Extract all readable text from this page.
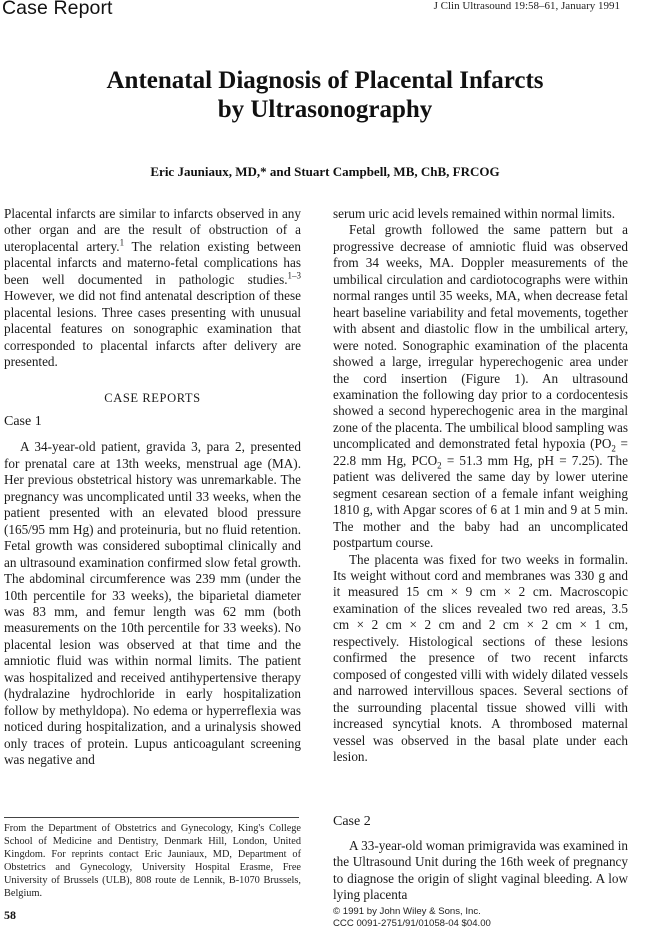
Case Report	J Clin Ultrasound 19:58–61, January 1991
Antenatal Diagnosis of Placental Infarcts
by Ultrasonography
Eric Jauniaux, MD,* and Stuart Campbell, MB, ChB, FRCOG

Placental infarcts are similar to infarcts observed in any other organ and are the result of obstruction of a uteroplacental artery.$^1$ The relation existing between placental infarcts and materno-fetal complications has been well documented in pathologic studies.$^{1-3}$ However, we did not find antenatal description of these placental lesions. Three cases presenting with unusual placental features on sonographic examination that corresponded to placental infarcts after delivery are presented.

CASE REPORTS
Case 1

A 34-year-old patient, gravida 3, para 2, presented for prenatal care at 13th weeks, menstrual age (MA). Her previous obstetrical history was unremarkable. The pregnancy was uncomplicated until 33 weeks, when the patient presented with an elevated blood pressure (165/95 mm Hg) and proteinuria, but no fluid retention. Fetal growth was considered suboptimal clinically and an ultrasound examination confirmed slow fetal growth. The abdominal circumference was 239 mm (under the 10th percentile for 33 weeks), the biparietal diameter was 83 mm, and femur length was 62 mm (both measurements on the 10th percentile for 33 weeks). No placental lesion was observed at that time and the amniotic fluid was within normal limits. The patient was hospitalized and received antihypertensive therapy (hydralazine hydrochloride in early hospitalization follow by methyldopa). No edema or hyperreflexia was noticed during hospitalization, and a urinalysis showed only traces of protein. Lupus anticoagulant screening was negative and

serum uric acid levels remained within normal limits.

Fetal growth followed the same pattern but a progressive decrease of amniotic fluid was observed from 34 weeks, MA. Doppler measurements of the umbilical circulation and cardiotocographs were within normal ranges until 35 weeks, MA, when decrease fetal heart baseline variability and fetal movements, together with absent and diastolic flow in the umbilical artery, were noted. Sonographic examination of the placenta showed a large, irregular hyperechogenic area under the cord insertion (Figure 1). An ultrasound examination the following day prior to a cordocentesis showed a second hyperechogenic area in the marginal zone of the placenta. The umbilical blood sampling was uncomplicated and demonstrated fetal hypoxia ($PO_2 = 22.8$ mm Hg, $PCO_2 = 51.3$ mm Hg, pH = 7.25). The patient was delivered the same day by lower uterine segment cesarean section of a female infant weighing 1810 g, with Apgar scores of 6 at 1 min and 9 at 5 min. The mother and the baby had an uncomplicated postpartum course.

The placenta was fixed for two weeks in formalin. Its weight without cord and membranes was 330 g and it measured 15 cm × 9 cm × 2 cm. Macroscopic examination of the slices revealed two red areas, 3.5 cm × 2 cm × 2 cm and 2 cm × 2 cm × 1 cm, respectively. Histological sections of these lesions confirmed the presence of two recent infarcts composed of congested villi with widely dilated vessels and narrowed intervillous spaces. Several sections of the surrounding placental tissue showed villi with increased syncytial knots. A thrombosed maternal vessel was observed in the basal plate under each lesion.

From the Department of Obstetrics and Gynecology, King's College School of Medicine and Dentistry, Denmark Hill, London, United Kingdom. For reprints contact Eric Jauniaux, MD, Department of Obstetrics and Gynecology, University Hospital Erasme, Free University of Brussels (ULB), 808 route de Lennik, B-1070 Brussels, Belgium.

58
Case 2

A 33-year-old woman primigravida was examined in the Ultrasound Unit during the 16th week of pregnancy to diagnose the origin of slight vaginal bleeding. A low lying placenta

© 1991 by John Wiley & Sons, Inc.
CCC 0091-2751/91/01058-04 $04.00
